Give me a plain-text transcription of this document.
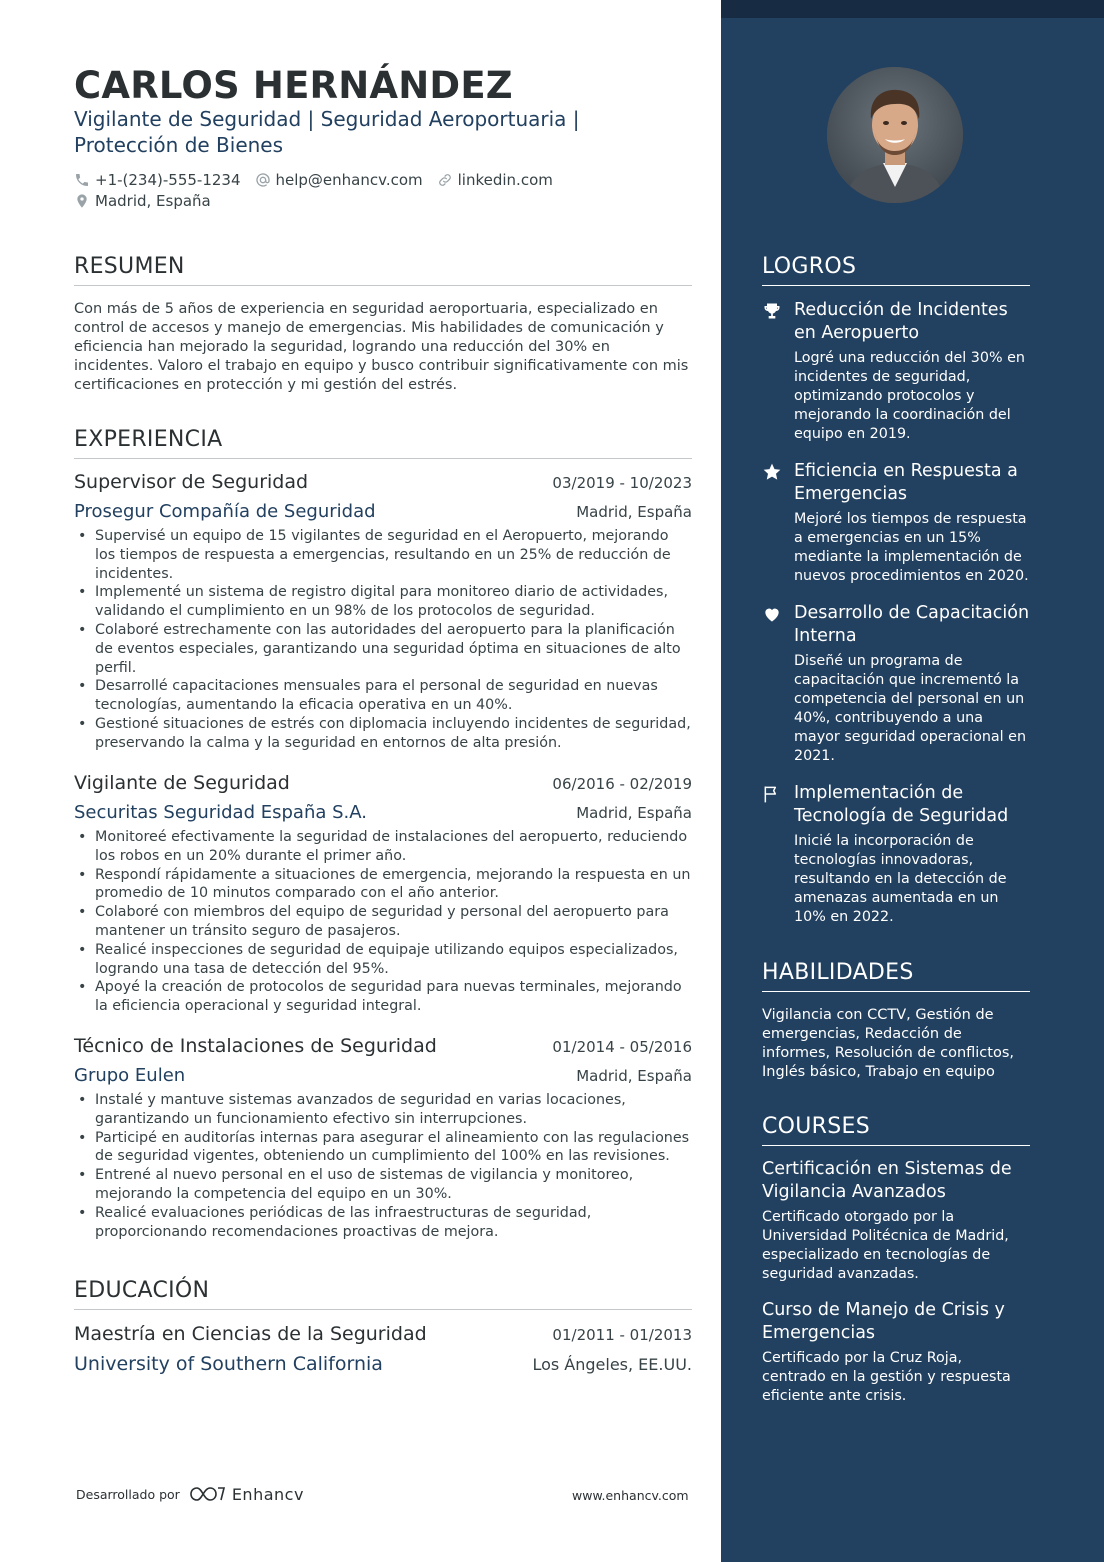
CARLOS HERNÁNDEZ
Vigilante de Seguridad | Seguridad Aeroportuaria | Protección de Bienes
+1-(234)-555-1234 help@enhancv.com linkedin.com
Madrid, España
RESUMEN
Con más de 5 años de experiencia en seguridad aeroportuaria, especializado en control de accesos y manejo de emergencias. Mis habilidades de comunicación y eficiencia han mejorado la seguridad, logrando una reducción del 30% en incidentes. Valoro el trabajo en equipo y busco contribuir significativamente con mis certificaciones en protección y mi gestión del estrés.
EXPERIENCIA
Supervisor de Seguridad	03/2019 - 10/2023
Prosegur Compañía de Seguridad	Madrid, España
• Supervisé un equipo de 15 vigilantes de seguridad en el Aeropuerto, mejorando los tiempos de respuesta a emergencias, resultando en un 25% de reducción de incidentes.
• Implementé un sistema de registro digital para monitoreo diario de actividades, validando el cumplimiento en un 98% de los protocolos de seguridad.
• Colaboré estrechamente con las autoridades del aeropuerto para la planificación de eventos especiales, garantizando una seguridad óptima en situaciones de alto perfil.
• Desarrollé capacitaciones mensuales para el personal de seguridad en nuevas tecnologías, aumentando la eficacia operativa en un 40%.
• Gestioné situaciones de estrés con diplomacia incluyendo incidentes de seguridad, preservando la calma y la seguridad en entornos de alta presión.
Vigilante de Seguridad	06/2016 - 02/2019
Securitas Seguridad España S.A.	Madrid, España
• Monitoreé efectivamente la seguridad de instalaciones del aeropuerto, reduciendo los robos en un 20% durante el primer año.
• Respondí rápidamente a situaciones de emergencia, mejorando la respuesta en un promedio de 10 minutos comparado con el año anterior.
• Colaboré con miembros del equipo de seguridad y personal del aeropuerto para mantener un tránsito seguro de pasajeros.
• Realicé inspecciones de seguridad de equipaje utilizando equipos especializados, logrando una tasa de detección del 95%.
• Apoyé la creación de protocolos de seguridad para nuevas terminales, mejorando la eficiencia operacional y seguridad integral.
Técnico de Instalaciones de Seguridad	01/2014 - 05/2016
Grupo Eulen	Madrid, España
• Instalé y mantuve sistemas avanzados de seguridad en varias locaciones, garantizando un funcionamiento efectivo sin interrupciones.
• Participé en auditorías internas para asegurar el alineamiento con las regulaciones de seguridad vigentes, obteniendo un cumplimiento del 100% en las revisiones.
• Entrené al nuevo personal en el uso de sistemas de vigilancia y monitoreo, mejorando la competencia del equipo en un 30%.
• Realicé evaluaciones periódicas de las infraestructuras de seguridad, proporcionando recomendaciones proactivas de mejora.
EDUCACIÓN
Maestría en Ciencias de la Seguridad	01/2011 - 01/2013
University of Southern California	Los Ángeles, EE.UU.
LOGROS
Reducción de Incidentes en Aeropuerto
Logré una reducción del 30% en incidentes de seguridad, optimizando protocolos y mejorando la coordinación del equipo en 2019.
Eficiencia en Respuesta a Emergencias
Mejoré los tiempos de respuesta a emergencias en un 15% mediante la implementación de nuevos procedimientos en 2020.
Desarrollo de Capacitación Interna
Diseñé un programa de capacitación que incrementó la competencia del personal en un 40%, contribuyendo a una mayor seguridad operacional en 2021.
Implementación de Tecnología de Seguridad
Inicié la incorporación de tecnologías innovadoras, resultando en la detección de amenazas aumentada en un 10% en 2022.
HABILIDADES
Vigilancia con CCTV, Gestión de emergencias, Redacción de informes, Resolución de conflictos, Inglés básico, Trabajo en equipo
COURSES
Certificación en Sistemas de Vigilancia Avanzados
Certificado otorgado por la Universidad Politécnica de Madrid, especializado en tecnologías de seguridad avanzadas.
Curso de Manejo de Crisis y Emergencias
Certificado por la Cruz Roja, centrado en la gestión y respuesta eficiente ante crisis.
Desarrollado por	Enhancv	www.enhancv.com
